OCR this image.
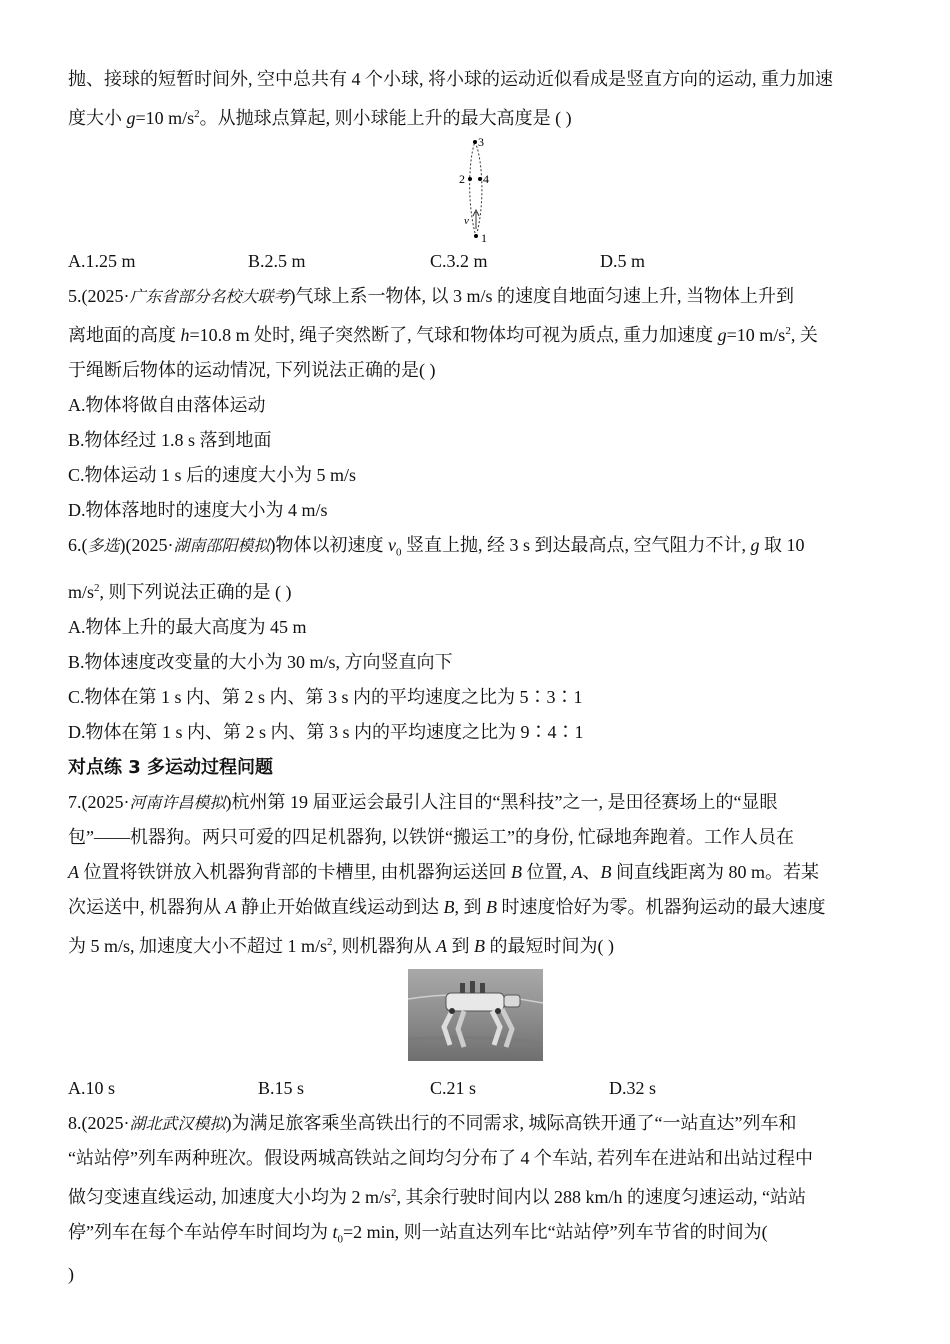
抛、接球的短暂时间外, 空中总共有 4 个小球, 将小球的运动近似看成是竖直方向的运动, 重力加速

度大小 g=10 $m/s^2$。从抛球点算起, 则小球能上升的最大高度是 ( )

3
2 4
v
1
A.1.25 m	B.2.5 m	C.3.2 m	D.5 m

5.(2025·广东省部分名校大联考)气球上系一物体, 以 3 m/s 的速度自地面匀速上升, 当物体上升到

离地面的高度 h=10.8 m 处时, 绳子突然断了, 气球和物体均可视为质点, 重力加速度 g=10 $m/s^2$, 关

于绳断后物体的运动情况, 下列说法正确的是( )

A.物体将做自由落体运动

B.物体经过 1.8 s 落到地面

C.物体运动 1 s 后的速度大小为 5 m/s

D.物体落地时的速度大小为 4 m/s

6.(多选)(2025·湖南邵阳模拟)物体以初速度 $v_0$ 竖直上抛, 经 3 s 到达最高点, 空气阻力不计, g 取 10

$m/s^2$, 则下列说法正确的是 ( )

A.物体上升的最大高度为 45 m

B.物体速度改变量的大小为 30 m/s, 方向竖直向下

C.物体在第 1 s 内、第 2 s 内、第 3 s 内的平均速度之比为 5∶3∶1

D.物体在第 1 s 内、第 2 s 内、第 3 s 内的平均速度之比为 9∶4∶1

对点练 3 多运动过程问题

7.(2025·河南许昌模拟)杭州第 19 届亚运会最引人注目的“黑科技”之一, 是田径赛场上的“显眼

包”——机器狗。两只可爱的四足机器狗, 以铁饼“搬运工”的身份, 忙碌地奔跑着。工作人员在

A 位置将铁饼放入机器狗背部的卡槽里, 由机器狗运送回 B 位置, A、B 间直线距离为 80 m。若某

次运送中, 机器狗从 A 静止开始做直线运动到达 B, 到 B 时速度恰好为零。机器狗运动的最大速度

为 5 m/s, 加速度大小不超过 1 $m/s^2$, 则机器狗从 A 到 B 的最短时间为( )

A.10 s	B.15 s	C.21 s	D.32 s

8.(2025·湖北武汉模拟)为满足旅客乘坐高铁出行的不同需求, 城际高铁开通了“一站直达”列车和

“站站停”列车两种班次。假设两城高铁站之间均匀分布了 4 个车站, 若列车在进站和出站过程中

做匀变速直线运动, 加速度大小均为 2 $m/s^2$, 其余行驶时间内以 288 km/h 的速度匀速运动, “站站

停”列车在每个车站停车时间均为 $t_0=2$ min, 则一站直达列车比“站站停”列车节省的时间为(

)
